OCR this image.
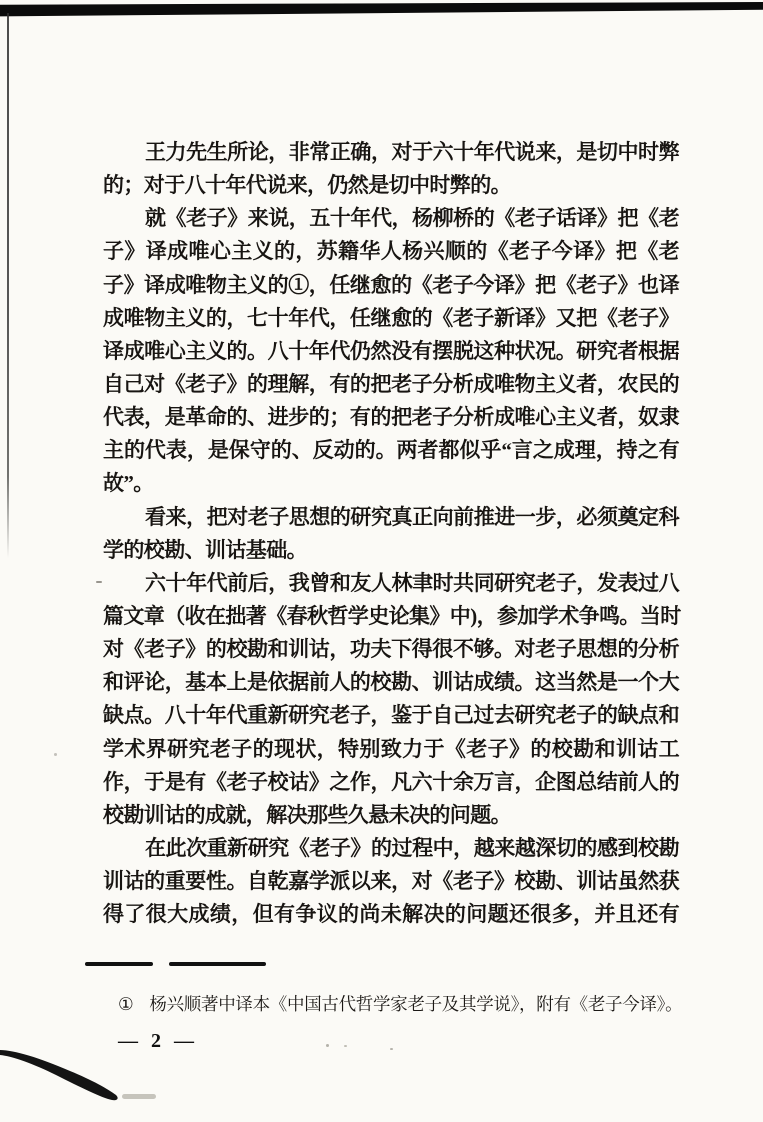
王力先生所论，非常正确，对于六十年代说来，是切中时弊

的；对于八十年代说来，仍然是切中时弊的。

就《老子》来说，五十年代，杨柳桥的《老子话译》把《老

子》译成唯心主义的，苏籍华人杨兴顺的《老子今译》把《老

子》译成唯物主义的①，任继愈的《老子今译》把《老子》也译

成唯物主义的，七十年代，任继愈的《老子新译》又把《老子》

译成唯心主义的。八十年代仍然没有摆脱这种状况。研究者根据

自己对《老子》的理解，有的把老子分析成唯物主义者，农民的

代表，是革命的、进步的；有的把老子分析成唯心主义者，奴隶

主的代表，是保守的、反动的。两者都似乎“言之成理，持之有

故”。

看来，把对老子思想的研究真正向前推进一步，必须奠定科

学的校勘、训诂基础。

六十年代前后，我曾和友人林聿时共同研究老子，发表过八

篇文章（收在拙著《春秋哲学史论集》中)，参加学术争鸣。当时

对《老子》的校勘和训诂，功夫下得很不够。对老子思想的分析

和评论，基本上是依据前人的校勘、训诂成绩。这当然是一个大

缺点。八十年代重新研究老子，鉴于自己过去研究老子的缺点和

学术界研究老子的现状，特别致力于《老子》的校勘和训诂工

作，于是有《老子校诂》之作，凡六十余万言，企图总结前人的

校勘训诂的成就，解决那些久悬未决的问题。

在此次重新研究《老子》的过程中，越来越深切的感到校勘

训诂的重要性。自乾嘉学派以来，对《老子》校勘、训诂虽然获

得了很大成绩，但有争议的尚未解决的问题还很多，并且还有

① 杨兴顺著中译本《中国古代哲学家老子及其学说》，附有《老子今译》。
— 2 —
